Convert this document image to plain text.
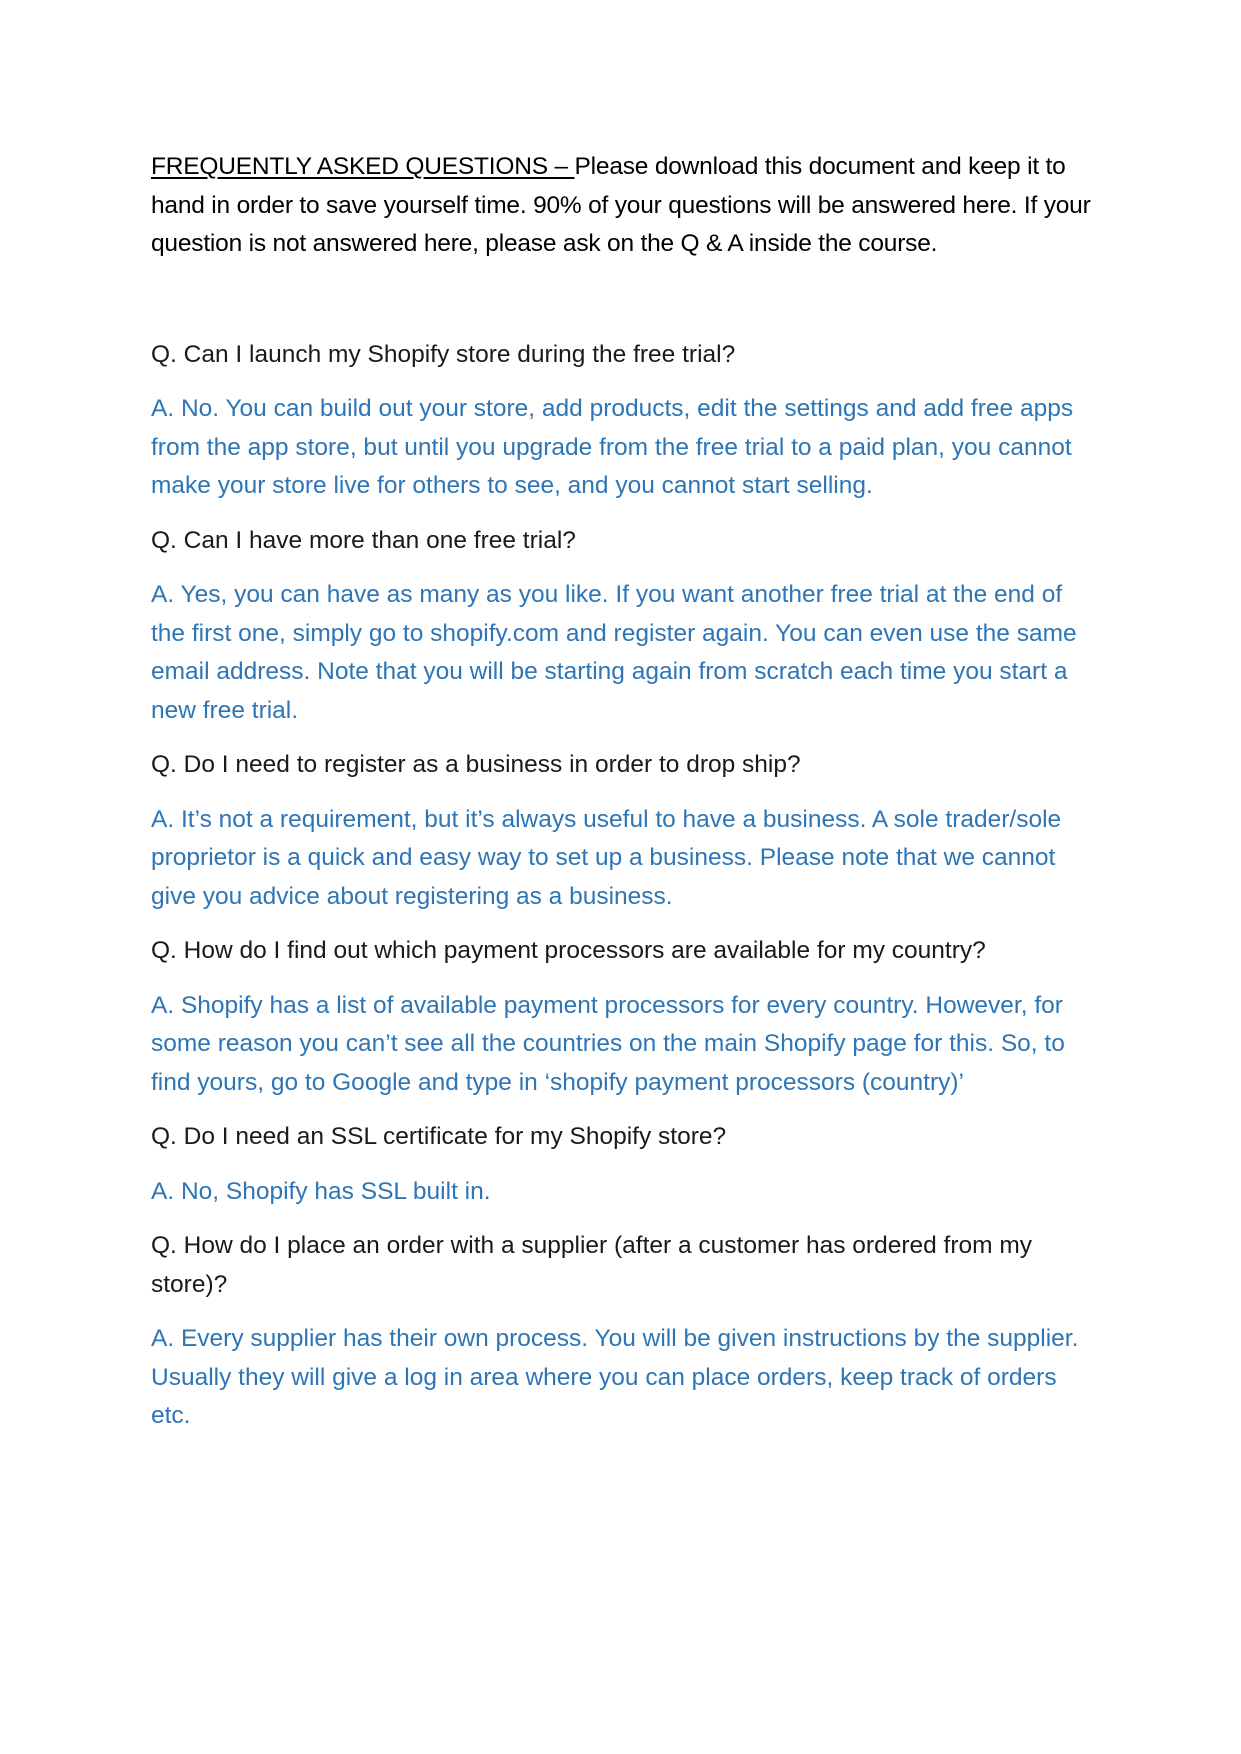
FREQUENTLY ASKED QUESTIONS – Please download this document and keep it to hand in order to save yourself time. 90% of your questions will be answered here. If your question is not answered here, please ask on the Q & A inside the course.

Q. Can I launch my Shopify store during the free trial?

A. No. You can build out your store, add products, edit the settings and add free apps from the app store, but until you upgrade from the free trial to a paid plan, you cannot make your store live for others to see, and you cannot start selling.

Q. Can I have more than one free trial?

A. Yes, you can have as many as you like. If you want another free trial at the end of the first one, simply go to shopify.com and register again. You can even use the same email address. Note that you will be starting again from scratch each time you start a new free trial.

Q. Do I need to register as a business in order to drop ship?

A. It’s not a requirement, but it’s always useful to have a business. A sole trader/sole proprietor is a quick and easy way to set up a business. Please note that we cannot give you advice about registering as a business.

Q. How do I find out which payment processors are available for my country?

A. Shopify has a list of available payment processors for every country. However, for some reason you can’t see all the countries on the main Shopify page for this. So, to find yours, go to Google and type in ‘shopify payment processors (country)’

Q. Do I need an SSL certificate for my Shopify store?

A. No, Shopify has SSL built in.

Q. How do I place an order with a supplier (after a customer has ordered from my store)?

A. Every supplier has their own process. You will be given instructions by the supplier. Usually they will give a log in area where you can place orders, keep track of orders etc.
